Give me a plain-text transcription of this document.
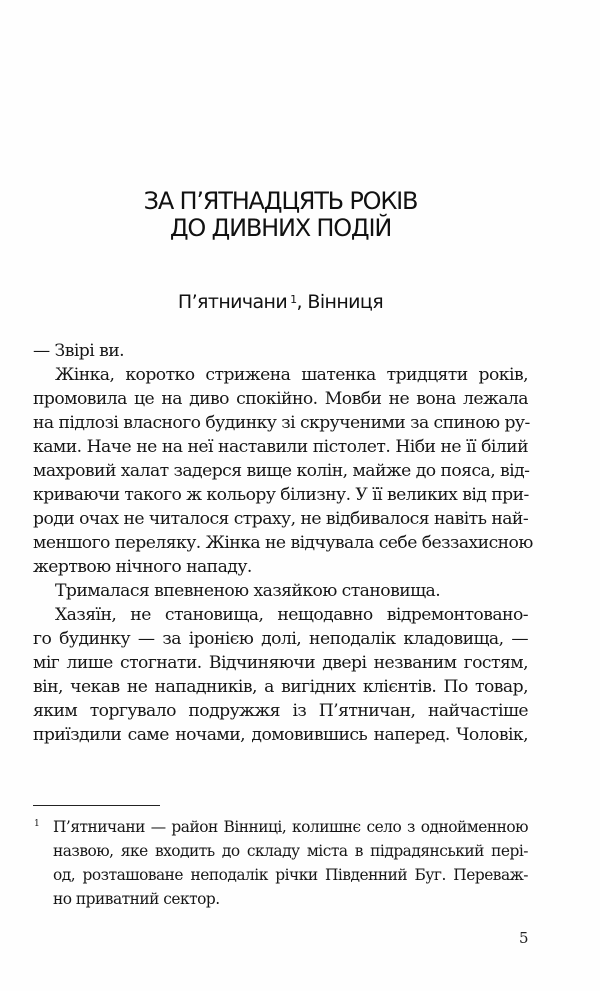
ЗА П’ЯТНАДЦЯТЬ РОКІВ
ДО ДИВНИХ ПОДІЙ
П’ятничани $^1$, Вінниця
— Звірі ви.
Жінка, коротко стрижена шатенка тридцяти років,
промовила це на диво спокійно. Мовби не вона лежала
на підлозі власного будинку зі скрученими за спиною ру-
ками. Наче не на неї наставили пістолет. Ніби не її білий
махровий халат задерся вище колін, майже до пояса, від-
криваючи такого ж кольору білизну. У її великих від при-
роди очах не читалося страху, не відбивалося навіть най-
меншого переляку. Жінка не відчувала себе беззахисною
жертвою нічного нападу.
Трималася впевненою хазяйкою становища.
Хазяїн, не становища, нещодавно відремонтовано-
го будинку — за іронією долі, неподалік кладовища, —
міг лише стогнати. Відчиняючи двері незваним гостям,
він, чекав не нападників, а вигідних клієнтів. По товар,
яким торгувало подружжя із П’ятничан, найчастіше
приїздили саме ночами, домовившись наперед. Чоловік,
1 П’ятничани — район Вінниці, колишнє село з однойменною
назвою, яке входить до складу міста в підрадянський пері-
од, розташоване неподалік річки Південний Буг. Переваж-
но приватний сектор.
5
